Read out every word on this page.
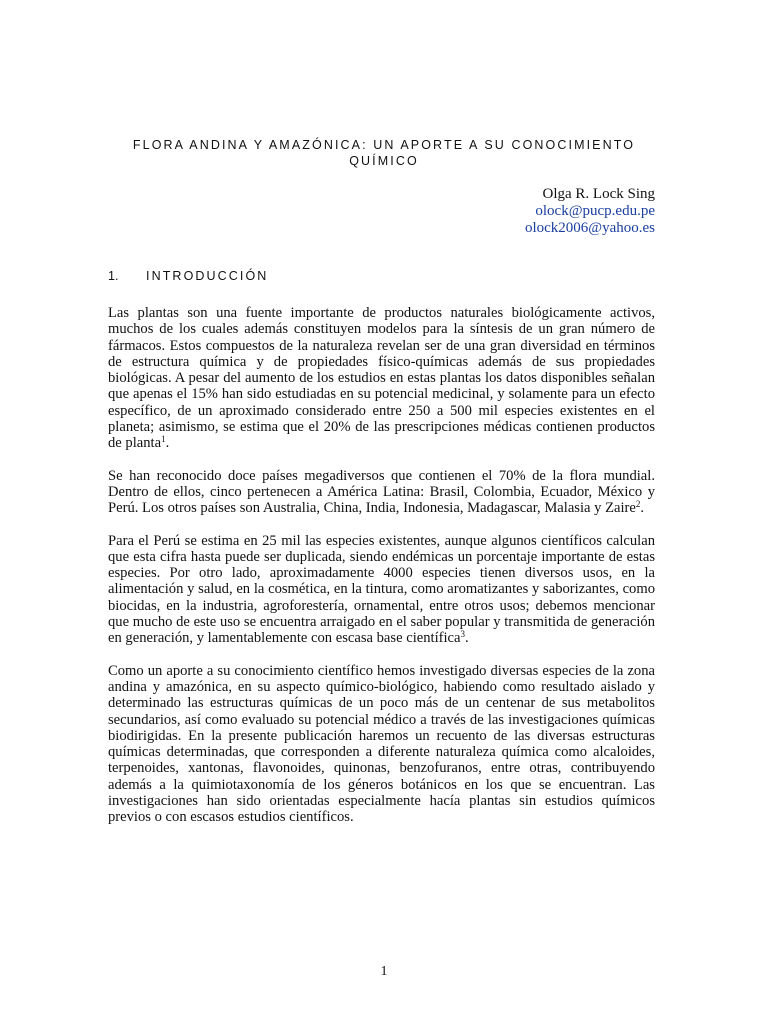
FLORA ANDINA Y AMAZÓNICA: UN APORTE A SU CONOCIMIENTO QUÍMICO
Olga R. Lock Sing
olock@pucp.edu.pe
olock2006@yahoo.es
1. INTRODUCCIÓN

Las plantas son una fuente importante de productos naturales biológicamente activos, muchos de los cuales además constituyen modelos para la síntesis de un gran número de fármacos. Estos compuestos de la naturaleza revelan ser de una gran diversidad en términos de estructura química y de propiedades físico-químicas además de sus propiedades biológicas. A pesar del aumento de los estudios en estas plantas los datos disponibles señalan que apenas el 15% han sido estudiadas en su potencial medicinal, y solamente para un efecto específico, de un aproximado considerado entre 250 a 500 mil especies existentes en el planeta; asimismo, se estima que el 20% de las prescripciones médicas contienen productos de planta$^1$.

Se han reconocido doce países megadiversos que contienen el 70% de la flora mundial. Dentro de ellos, cinco pertenecen a América Latina: Brasil, Colombia, Ecuador, México y Perú. Los otros países son Australia, China, India, Indonesia, Madagascar, Malasia y Zaire$^2$.

Para el Perú se estima en 25 mil las especies existentes, aunque algunos científicos calculan que esta cifra hasta puede ser duplicada, siendo endémicas un porcentaje importante de estas especies. Por otro lado, aproximadamente 4000 especies tienen diversos usos, en la alimentación y salud, en la cosmética, en la tintura, como aromatizantes y saborizantes, como biocidas, en la industria, agroforestería, ornamental, entre otros usos; debemos mencionar que mucho de este uso se encuentra arraigado en el saber popular y transmitida de generación en generación, y lamentablemente con escasa base científica$^3$.

Como un aporte a su conocimiento científico hemos investigado diversas especies de la zona andina y amazónica, en su aspecto químico-biológico, habiendo como resultado aislado y determinado las estructuras químicas de un poco más de un centenar de sus metabolitos secundarios, así como evaluado su potencial médico a través de las investigaciones químicas biodirigidas. En la presente publicación haremos un recuento de las diversas estructuras químicas determinadas, que corresponden a diferente naturaleza química como alcaloides, terpenoides, xantonas, flavonoides, quinonas, benzofuranos, entre otras, contribuyendo además a la quimiotaxonomía de los géneros botánicos en los que se encuentran. Las investigaciones han sido orientadas especialmente hacía plantas sin estudios químicos previos o con escasos estudios científicos.

1
